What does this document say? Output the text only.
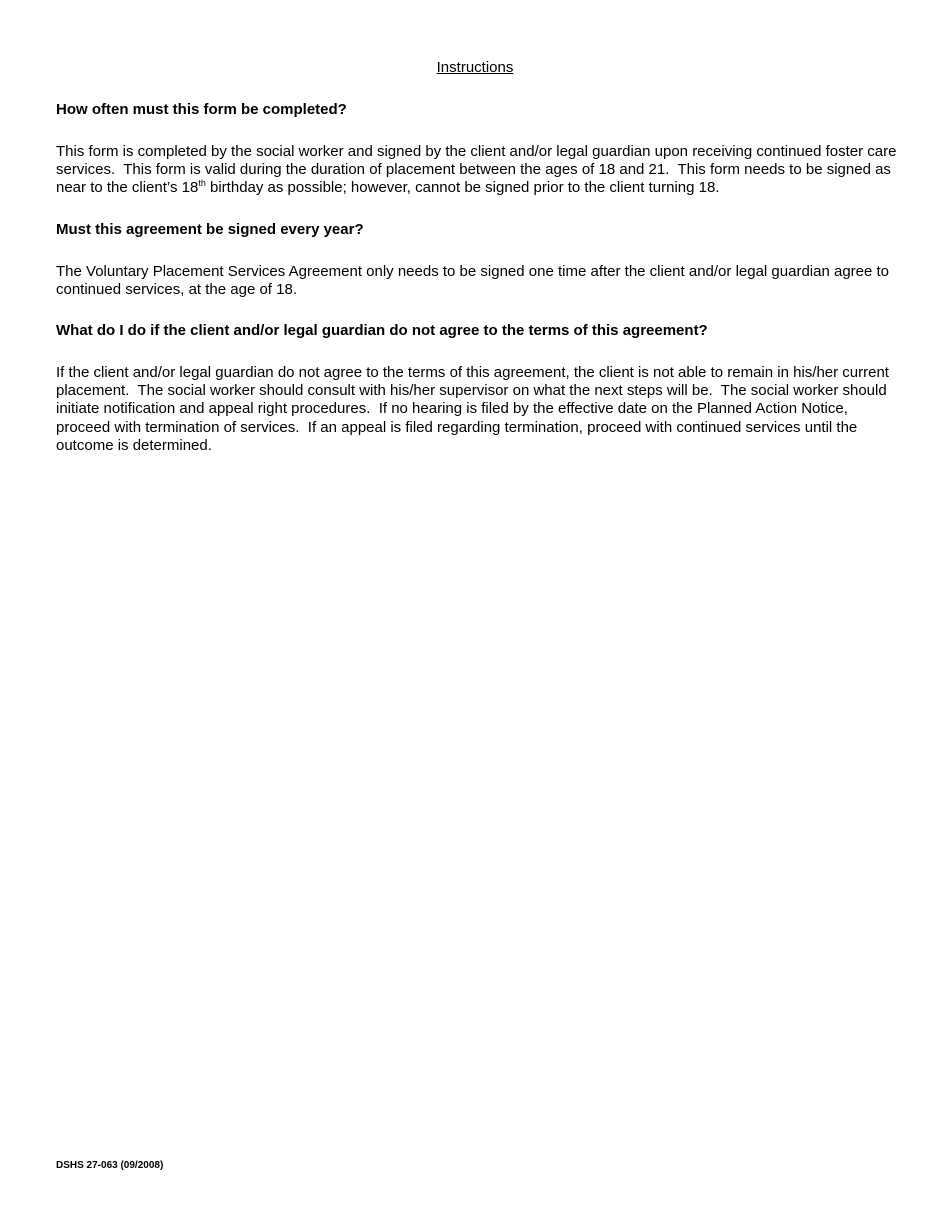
Instructions
How often must this form be completed?
This form is completed by the social worker and signed by the client and/or legal guardian upon receiving continued foster care services.  This form is valid during the duration of placement between the ages of 18 and 21.  This form needs to be signed as near to the client’s 18th birthday as possible; however, cannot be signed prior to the client turning 18.
Must this agreement be signed every year?
The Voluntary Placement Services Agreement only needs to be signed one time after the client and/or legal guardian agree to continued services, at the age of 18.
What do I do if the client and/or legal guardian do not agree to the terms of this agreement?
If the client and/or legal guardian do not agree to the terms of this agreement, the client is not able to remain in his/her current placement.  The social worker should consult with his/her supervisor on what the next steps will be.  The social worker should initiate notification and appeal right procedures.  If no hearing is filed by the effective date on the Planned Action Notice, proceed with termination of services.  If an appeal is filed regarding termination, proceed with continued services until the outcome is determined.
DSHS 27-063 (09/2008)
